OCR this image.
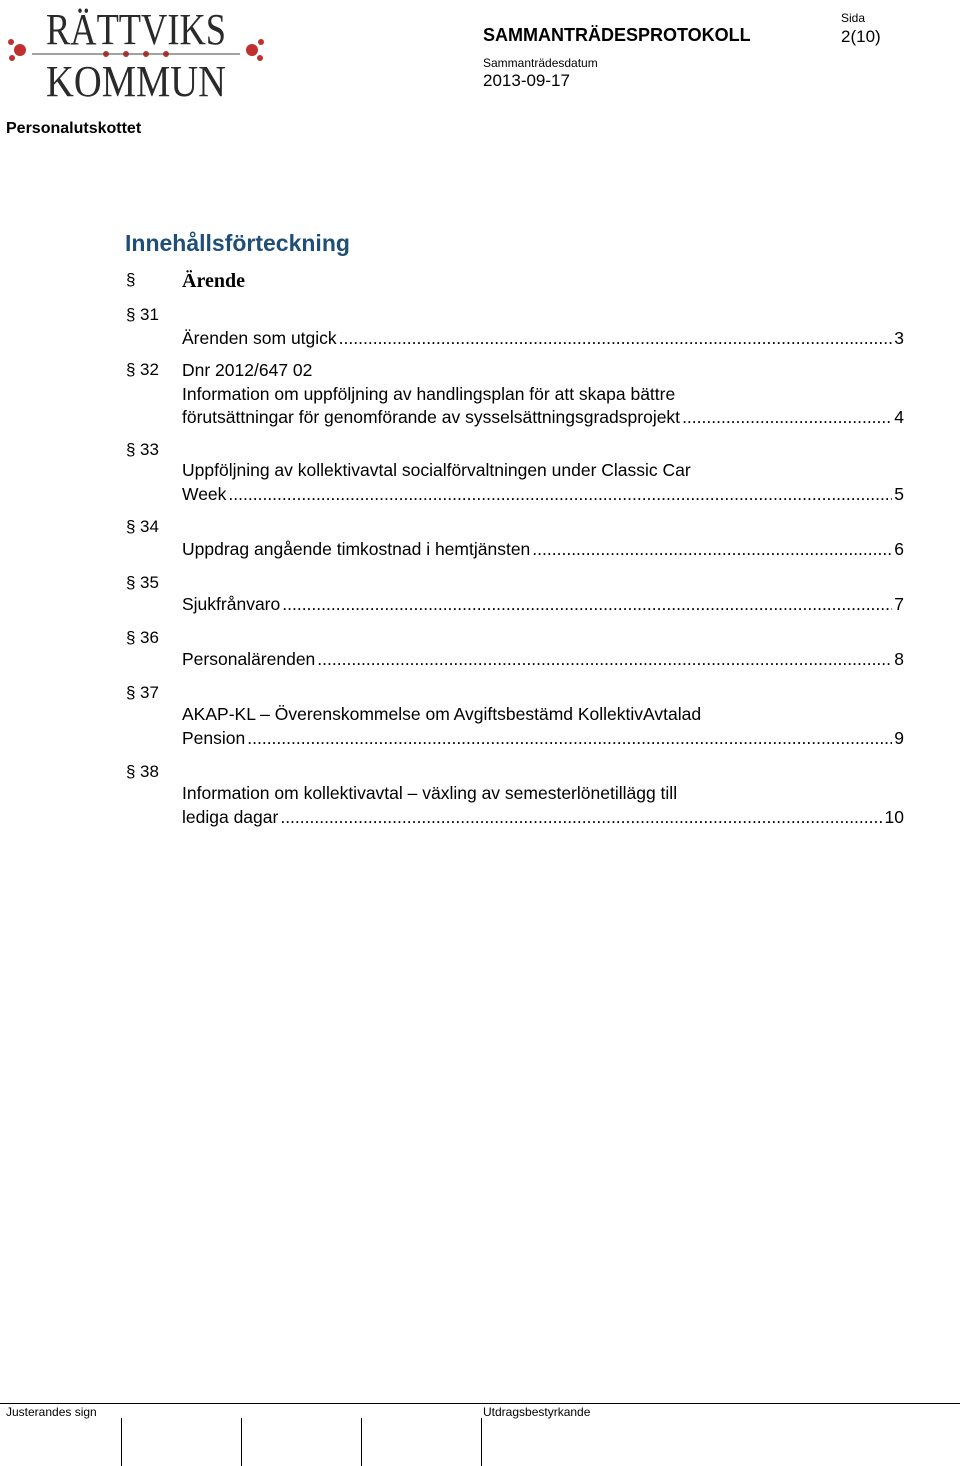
RÄTTVIKS
KOMMUN
Personalutskottet
SAMMANTRÄDESPROTOKOLL
Sida
2(10)
Sammanträdesdatum
2013-09-17
Innehållsförteckning
§ Ärende
§ 31
Ärenden som utgick .....	3
§ 32 Dnr 2012/647 02
Information om uppföljning av handlingsplan för att skapa bättre
förutsättningar för genomförande av sysselsättningsgradsprojekt .....	4
§ 33
Uppföljning av kollektivavtal socialförvaltningen under Classic Car
Week .....	5
§ 34
Uppdrag angående timkostnad i hemtjänsten .....	6
§ 35
Sjukfrånvaro .....	7
§ 36
Personalärenden .....	8
§ 37
AKAP-KL – Överenskommelse om Avgiftsbestämd KollektivAvtalad
Pension .....	9
§ 38
Information om kollektivavtal – växling av semesterlönetillägg till
lediga dagar .....	10
Justerandes sign	Utdragsbestyrkande
